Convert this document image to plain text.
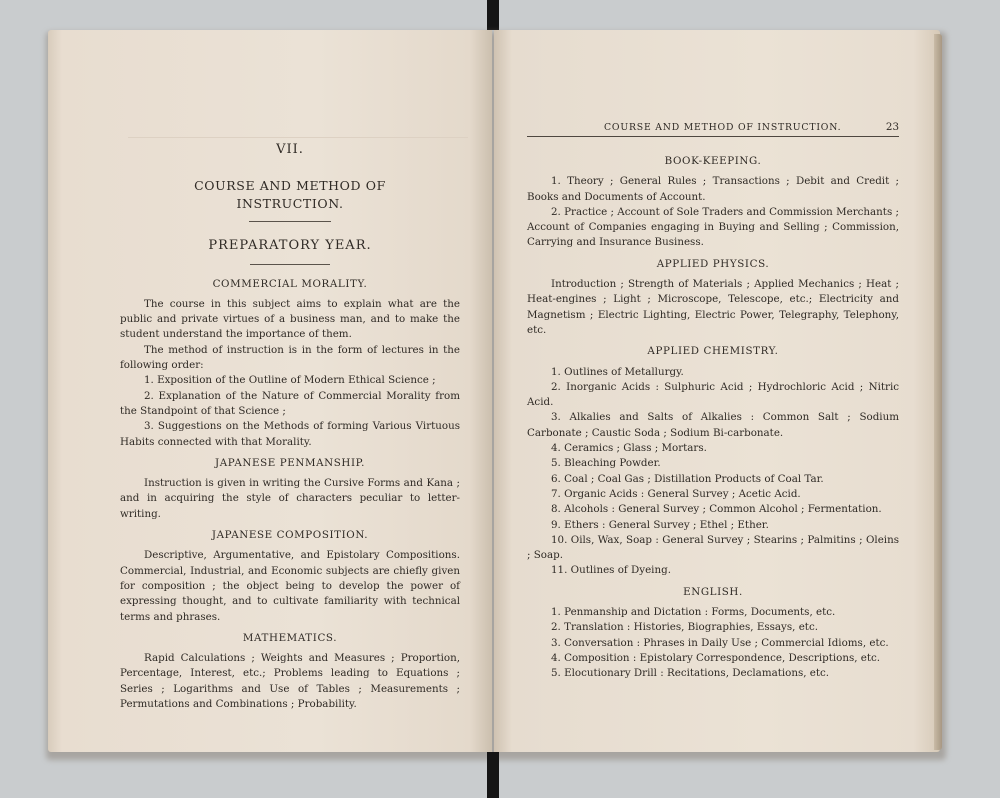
VII.
COURSE AND METHOD OF
INSTRUCTION.
PREPARATORY YEAR.
COMMERCIAL MORALITY.

The course in this subject aims to explain what are the public and private virtues of a business man, and to make the student understand the importance of them.

The method of instruction is in the form of lectures in the following order:

1. Exposition of the Outline of Modern Ethical Science ;

2. Explanation of the Nature of Commercial Morality from the Standpoint of that Science ;

3. Suggestions on the Methods of forming Various Virtuous Habits connected with that Morality.

JAPANESE PENMANSHIP.

Instruction is given in writing the Cursive Forms and Kana ; and in acquiring the style of characters peculiar to letter-writing.

JAPANESE COMPOSITION.

Descriptive, Argumentative, and Epistolary Compositions. Commercial, Industrial, and Economic subjects are chiefly given for composition ; the object being to develop the power of expressing thought, and to cultivate familiarity with technical terms and phrases.

MATHEMATICS.

Rapid Calculations ; Weights and Measures ; Proportion, Percentage, Interest, etc.; Problems leading to Equations ; Series ; Logarithms and Use of Tables ; Measurements ; Permutations and Combinations ; Probability.

COURSE AND METHOD OF INSTRUCTION.	23
BOOK-KEEPING.

1. Theory ; General Rules ; Transactions ; Debit and Credit ; Books and Documents of Account.

2. Practice ; Account of Sole Traders and Commission Merchants ; Account of Companies engaging in Buying and Selling ; Commission, Carrying and Insurance Business.

APPLIED PHYSICS.

Introduction ; Strength of Materials ; Applied Mechanics ; Heat ; Heat-engines ; Light ; Microscope, Telescope, etc.; Electricity and Magnetism ; Electric Lighting, Electric Power, Telegraphy, Telephony, etc.

APPLIED CHEMISTRY.

1. Outlines of Metallurgy.

2. Inorganic Acids : Sulphuric Acid ; Hydrochloric Acid ; Nitric Acid.

3. Alkalies and Salts of Alkalies : Common Salt ; Sodium Carbonate ; Caustic Soda ; Sodium Bi-carbonate.

4. Ceramics ; Glass ; Mortars.

5. Bleaching Powder.

6. Coal ; Coal Gas ; Distillation Products of Coal Tar.

7. Organic Acids : General Survey ; Acetic Acid.

8. Alcohols : General Survey ; Common Alcohol ; Fermentation.

9. Ethers : General Survey ; Ethel ; Ether.

10. Oils, Wax, Soap : General Survey ; Stearins ; Palmitins ; Oleins ; Soap.

11. Outlines of Dyeing.

ENGLISH.

1. Penmanship and Dictation : Forms, Documents, etc.

2. Translation : Histories, Biographies, Essays, etc.

3. Conversation : Phrases in Daily Use ; Commercial Idioms, etc.

4. Composition : Epistolary Correspondence, Descriptions, etc.

5. Elocutionary Drill : Recitations, Declamations, etc.
